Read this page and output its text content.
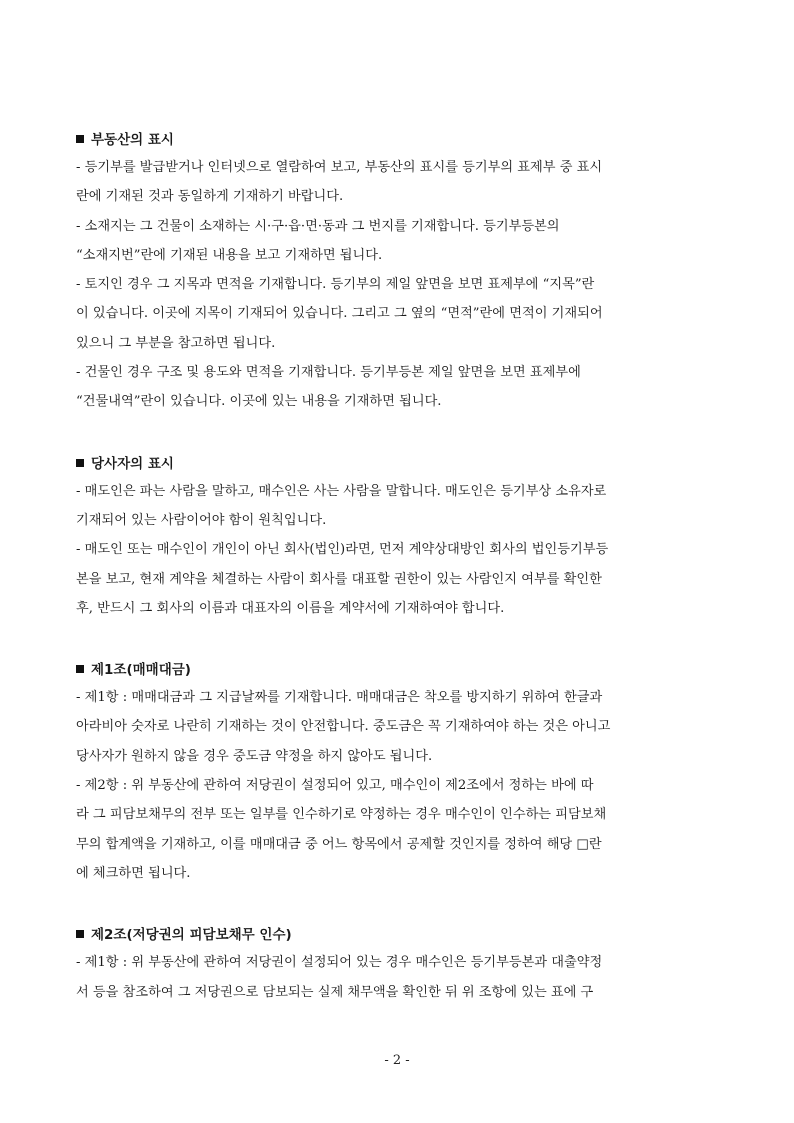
부동산의 표시
- 등기부를 발급받거나 인터넷으로 열람하여 보고, 부동산의 표시를 등기부의 표제부 중 표시
란에 기재된 것과 동일하게 기재하기 바랍니다.
- 소재지는 그 건물이 소재하는 시·구·읍·면·동과 그 번지를 기재합니다. 등기부등본의
“소재지번”란에 기재된 내용을 보고 기재하면 됩니다.
- 토지인 경우 그 지목과 면적을 기재합니다. 등기부의 제일 앞면을 보면 표제부에 “지목”란
이 있습니다. 이곳에 지목이 기재되어 있습니다. 그리고 그 옆의 “면적”란에 면적이 기재되어
있으니 그 부분을 참고하면 됩니다.
- 건물인 경우 구조 및 용도와 면적을 기재합니다. 등기부등본 제일 앞면을 보면 표제부에
“건물내역”란이 있습니다. 이곳에 있는 내용을 기재하면 됩니다.
당사자의 표시
- 매도인은 파는 사람을 말하고, 매수인은 사는 사람을 말합니다. 매도인은 등기부상 소유자로
기재되어 있는 사람이어야 함이 원칙입니다.
- 매도인 또는 매수인이 개인이 아닌 회사(법인)라면, 먼저 계약상대방인 회사의 법인등기부등
본을 보고, 현재 계약을 체결하는 사람이 회사를 대표할 권한이 있는 사람인지 여부를 확인한
후, 반드시 그 회사의 이름과 대표자의 이름을 계약서에 기재하여야 합니다.
제1조(매매대금)
- 제1항 : 매매대금과 그 지급날짜를 기재합니다. 매매대금은 착오를 방지하기 위하여 한글과
아라비아 숫자로 나란히 기재하는 것이 안전합니다. 중도금은 꼭 기재하여야 하는 것은 아니고
당사자가 원하지 않을 경우 중도금 약정을 하지 않아도 됩니다.
- 제2항 : 위 부동산에 관하여 저당권이 설정되어 있고, 매수인이 제2조에서 정하는 바에 따
라 그 피담보채무의 전부 또는 일부를 인수하기로 약정하는 경우 매수인이 인수하는 피담보채
무의 합계액을 기재하고, 이를 매매대금 중 어느 항목에서 공제할 것인지를 정하여 해당 □란
에 체크하면 됩니다.
제2조(저당권의 피담보채무 인수)
- 제1항 : 위 부동산에 관하여 저당권이 설정되어 있는 경우 매수인은 등기부등본과 대출약정
서 등을 참조하여 그 저당권으로 담보되는 실제 채무액을 확인한 뒤 위 조항에 있는 표에 구
- 2 -
